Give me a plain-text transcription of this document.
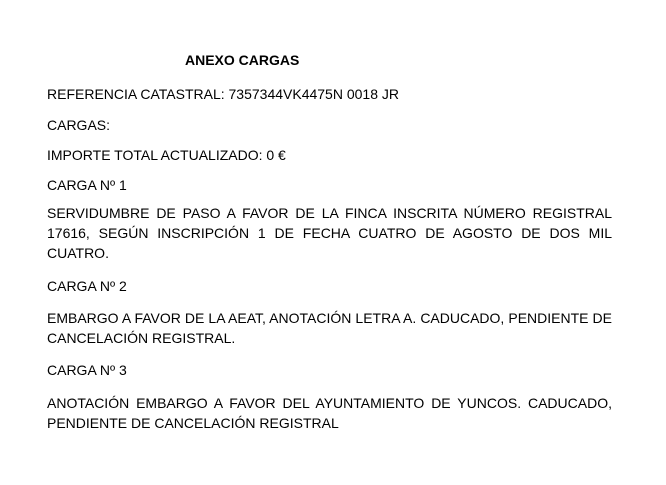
ANEXO CARGAS
REFERENCIA CATASTRAL: 7357344VK4475N 0018 JR
CARGAS:
IMPORTE TOTAL ACTUALIZADO: 0 €
CARGA Nº 1
SERVIDUMBRE DE PASO A FAVOR DE LA FINCA INSCRITA NÚMERO REGISTRAL 17616, SEGÚN INSCRIPCIÓN 1 DE FECHA CUATRO DE AGOSTO DE DOS MIL CUATRO.
CARGA Nº 2
EMBARGO A FAVOR DE LA AEAT, ANOTACIÓN LETRA A. CADUCADO, PENDIENTE DE CANCELACIÓN REGISTRAL.
CARGA Nº 3
ANOTACIÓN EMBARGO A FAVOR DEL AYUNTAMIENTO DE YUNCOS. CADUCADO, PENDIENTE DE CANCELACIÓN REGISTRAL
